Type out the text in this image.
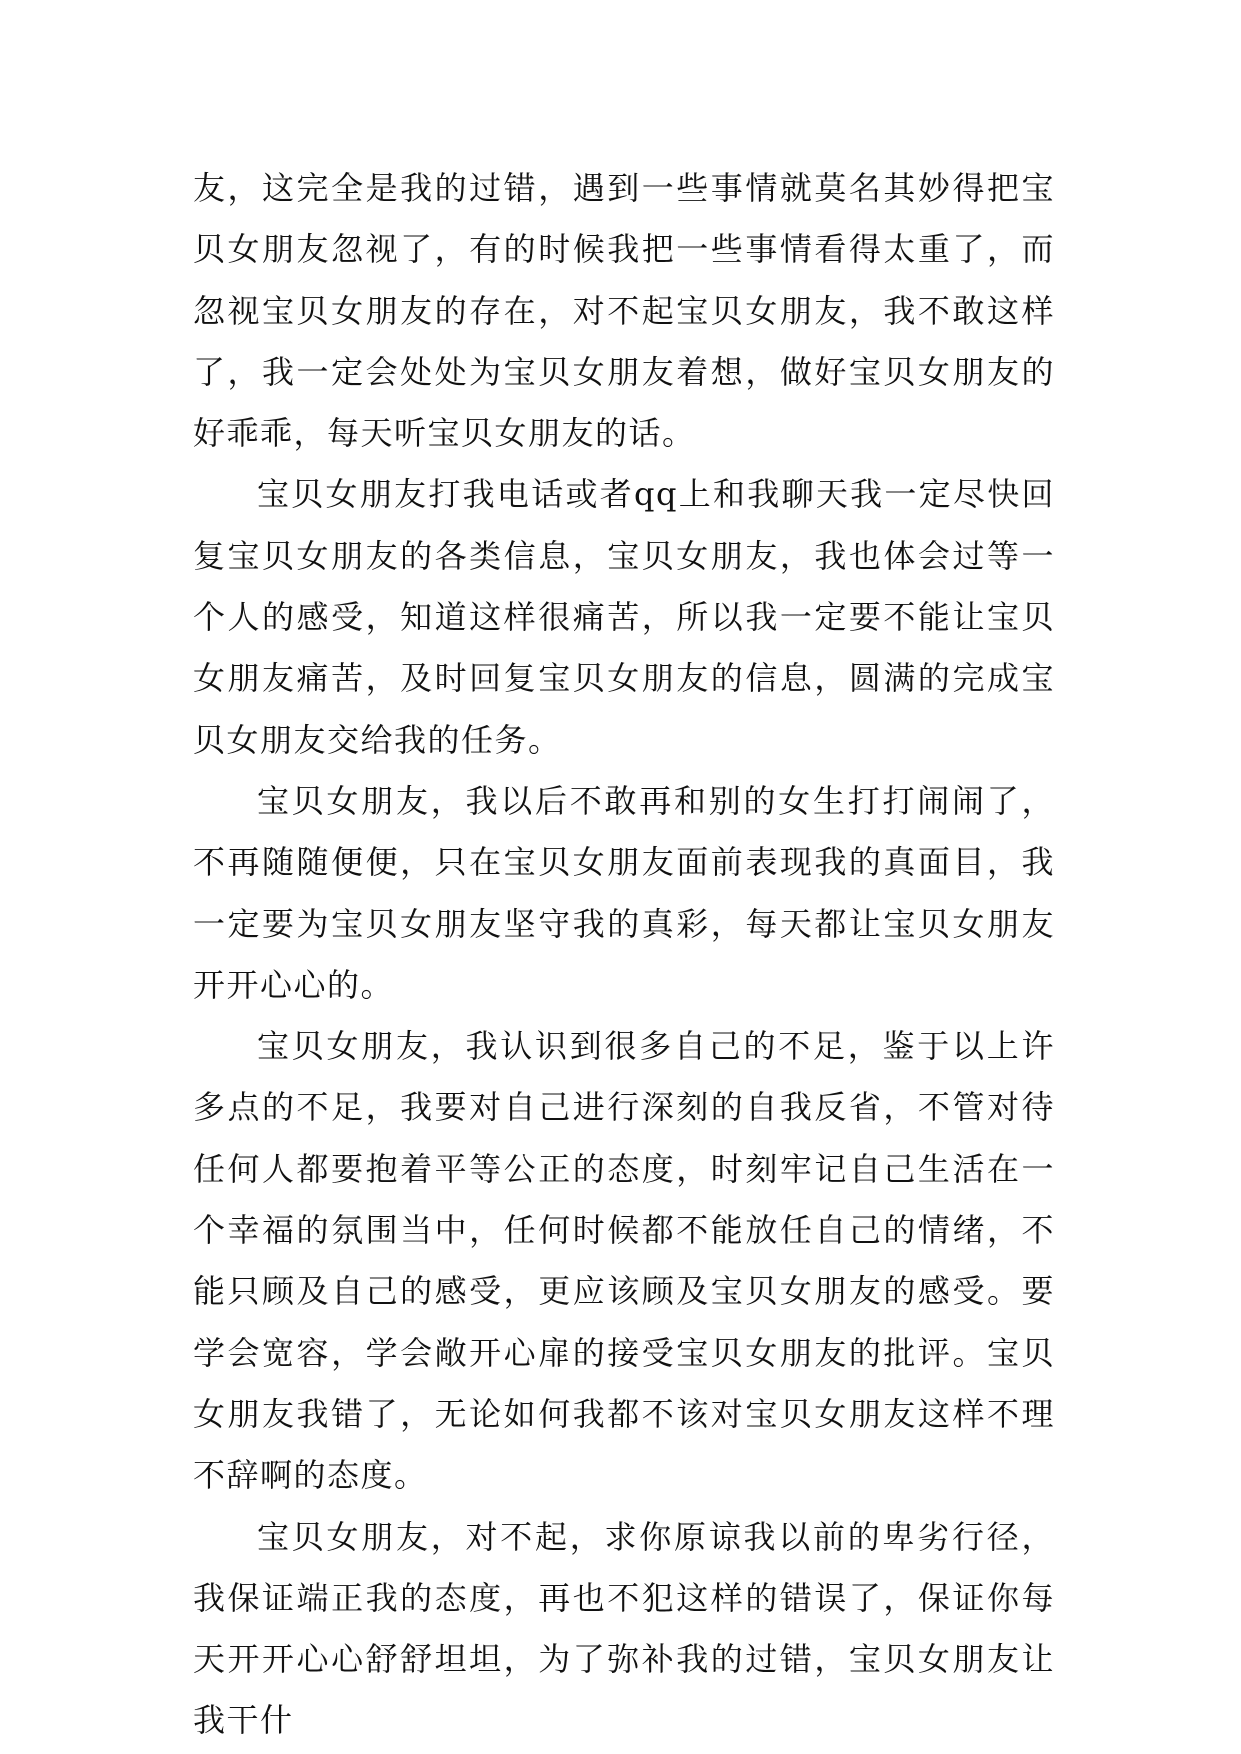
友，这完全是我的过错，遇到一些事情就莫名其妙得把宝贝女朋友忽视了，有的时候我把一些事情看得太重了，而忽视宝贝女朋友的存在，对不起宝贝女朋友，我不敢这样了，我一定会处处为宝贝女朋友着想，做好宝贝女朋友的好乖乖，每天听宝贝女朋友的话。

宝贝女朋友打我电话或者qq上和我聊天我一定尽快回复宝贝女朋友的各类信息，宝贝女朋友，我也体会过等一个人的感受，知道这样很痛苦，所以我一定要不能让宝贝女朋友痛苦，及时回复宝贝女朋友的信息，圆满的完成宝贝女朋友交给我的任务。

宝贝女朋友，我以后不敢再和别的女生打打闹闹了，不再随随便便，只在宝贝女朋友面前表现我的真面目，我一定要为宝贝女朋友坚守我的真彩，每天都让宝贝女朋友开开心心的。

宝贝女朋友，我认识到很多自己的不足，鉴于以上许多点的不足，我要对自己进行深刻的自我反省，不管对待任何人都要抱着平等公正的态度，时刻牢记自己生活在一个幸福的氛围当中，任何时候都不能放任自己的情绪，不能只顾及自己的感受，更应该顾及宝贝女朋友的感受。要学会宽容，学会敞开心扉的接受宝贝女朋友的批评。宝贝女朋友我错了，无论如何我都不该对宝贝女朋友这样不理不辞啊的态度。

宝贝女朋友，对不起，求你原谅我以前的卑劣行径，我保证端正我的态度，再也不犯这样的错误了，保证你每天开开心心舒舒坦坦，为了弥补我的过错，宝贝女朋友让我干什
